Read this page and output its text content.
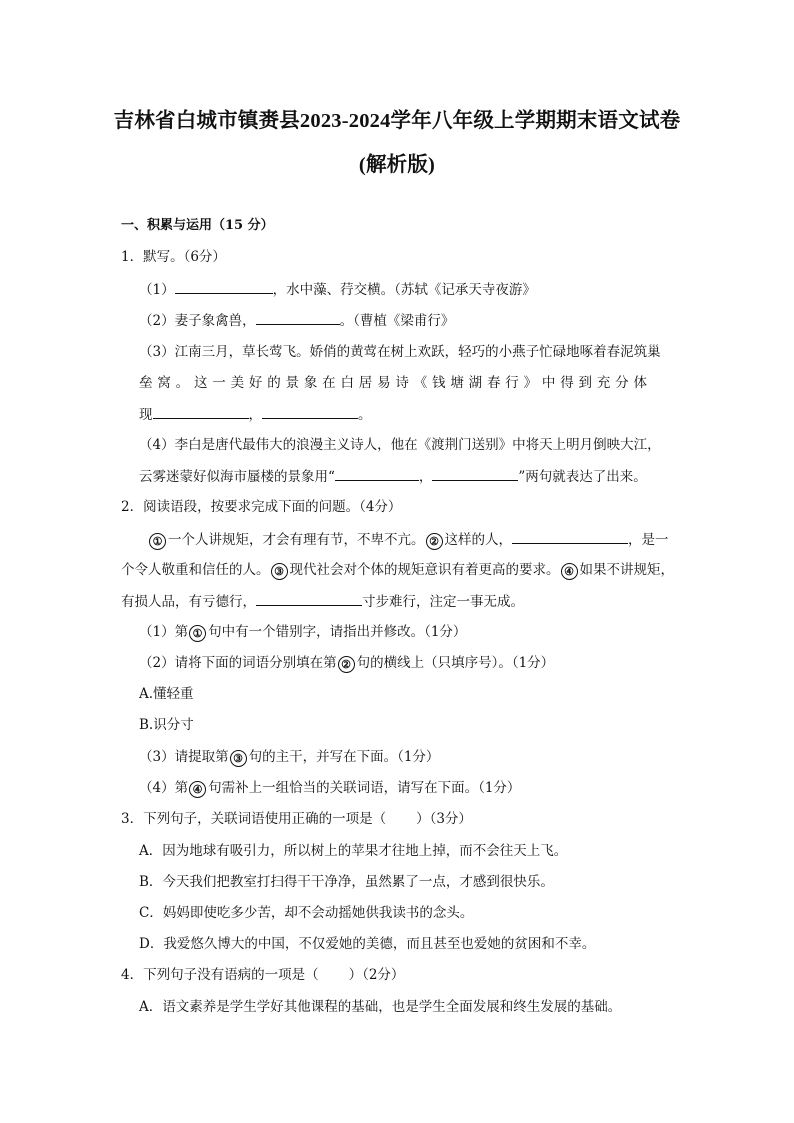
吉林省白城市镇赉县2023-2024学年八年级上学期期末语文试卷
(解析版)
一、积累与运用（15 分）
1．默写。（6分）
（1）	，水中藻、荇交横。（苏轼《记承天寺夜游》
（2）妻子象禽兽，	。（曹植《梁甫行》
（3）江南三月，草长莺飞。娇俏的黄莺在树上欢跃，轻巧的小燕子忙碌地啄着春泥筑巢
垒窝。这一美好的景象在白居易诗《钱塘湖春行》中得到充分体
现	，	。
（4）李白是唐代最伟大的浪漫主义诗人，他在《渡荆门送别》中将天上明月倒映大江，
云雾迷蒙好似海市蜃楼的景象用“	，	”两句就表达了出来。
2．阅读语段，按要求完成下面的问题。（4分）
① 一个人讲规矩，才会有理有节，不卑不亢。 ② 这样的人，	，是一
个令人敬重和信任的人。 ③ 现代社会对个体的规矩意识有着更高的要求。 ④ 如果不讲规矩，
有损人品，有亏德行，	寸步难行，注定一事无成。
（1）第 ① 句中有一个错别字，请指出并修改。（1分）
（2）请将下面的词语分别填在第 ② 句的横线上（只填序号）。（1分）
A.懂轻重
B.识分寸
（3）请提取第 ③ 句的主干，并写在下面。（1分）
（4）第 ④ 句需补上一组恰当的关联词语，请写在下面。（1分）
3．下列句子，关联词语使用正确的一项是（ ）（3分）
A．因为地球有吸引力，所以树上的苹果才往地上掉，而不会往天上飞。
B．今天我们把教室打扫得干干净净，虽然累了一点，才感到很快乐。
C．妈妈即使吃多少苦，却不会动摇她供我读书的念头。
D．我爱悠久博大的中国，不仅爱她的美德，而且甚至也爱她的贫困和不幸。
4．下列句子没有语病的一项是（ ）（2分）
A．语文素养是学生学好其他课程的基础，也是学生全面发展和终生发展的基础。
